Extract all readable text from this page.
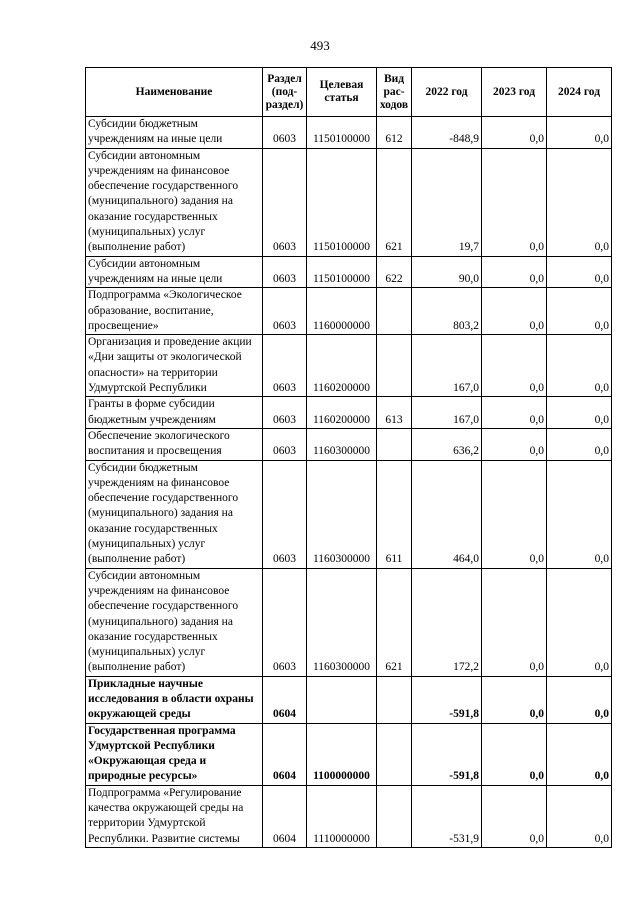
493
Наименование	Раздел (под-раздел)	Целевая статья	Вид рас-ходов	2022 год	2023 год	2024 год
Субсидии бюджетным учреждениям на иные цели	0603	1150100000	612	-848,9	0,0	0,0
Субсидии автономным учреждениям на финансовое обеспечение государственного (муниципального) задания на оказание государственных (муниципальных) услуг (выполнение работ)	0603	1150100000	621	19,7	0,0	0,0
Субсидии автономным учреждениям на иные цели	0603	1150100000	622	90,0	0,0	0,0
Подпрограмма «Экологическое образование, воспитание, просвещение»	0603	1160000000		803,2	0,0	0,0
Организация и проведение акции «Дни защиты от экологической опасности» на территории Удмуртской Республики	0603	1160200000		167,0	0,0	0,0
Гранты в форме субсидии бюджетным учреждениям	0603	1160200000	613	167,0	0,0	0,0
Обеспечение экологического воспитания и просвещения	0603	1160300000		636,2	0,0	0,0
Субсидии бюджетным учреждениям на финансовое обеспечение государственного (муниципального) задания на оказание государственных (муниципальных) услуг (выполнение работ)	0603	1160300000	611	464,0	0,0	0,0
Субсидии автономным учреждениям на финансовое обеспечение государственного (муниципального) задания на оказание государственных (муниципальных) услуг (выполнение работ)	0603	1160300000	621	172,2	0,0	0,0
Прикладные научные исследования в области охраны окружающей среды	0604			-591,8	0,0	0,0
Государственная программа Удмуртской Республики «Окружающая среда и природные ресурсы»	0604	1100000000		-591,8	0,0	0,0
Подпрограмма «Регулирование качества окружающей среды на территории Удмуртской Республики. Развитие системы	0604	1110000000		-531,9	0,0	0,0
